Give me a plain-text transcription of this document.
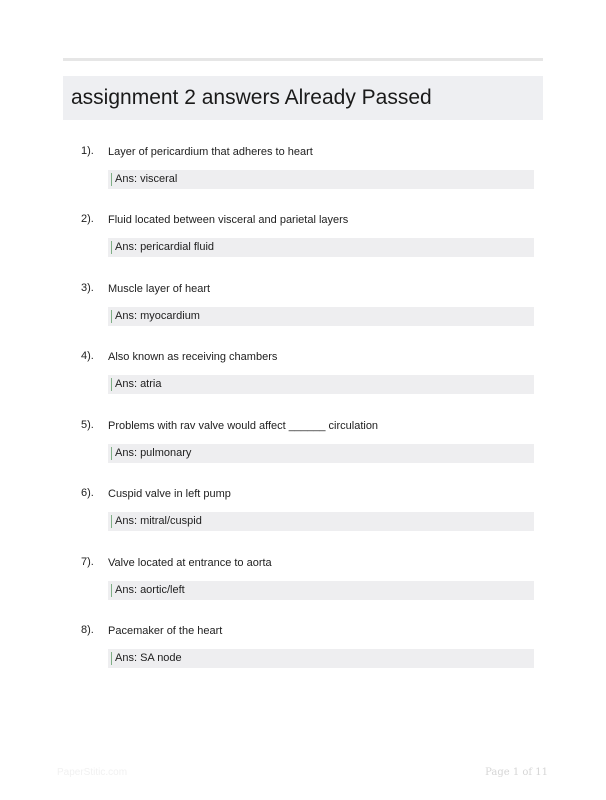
assignment 2 answers Already Passed
1). Layer of pericardium that adheres to heart
Ans: visceral
2). Fluid located between visceral and parietal layers
Ans: pericardial fluid
3). Muscle layer of heart
Ans: myocardium
4). Also known as receiving chambers
Ans: atria
5). Problems with rav valve would affect ______ circulation
Ans: pulmonary
6). Cuspid valve in left pump
Ans: mitral/cuspid
7). Valve located at entrance to aorta
Ans: aortic/left
8). Pacemaker of the heart
Ans: SA node
PaperStitic.com	Page 1 of 11
